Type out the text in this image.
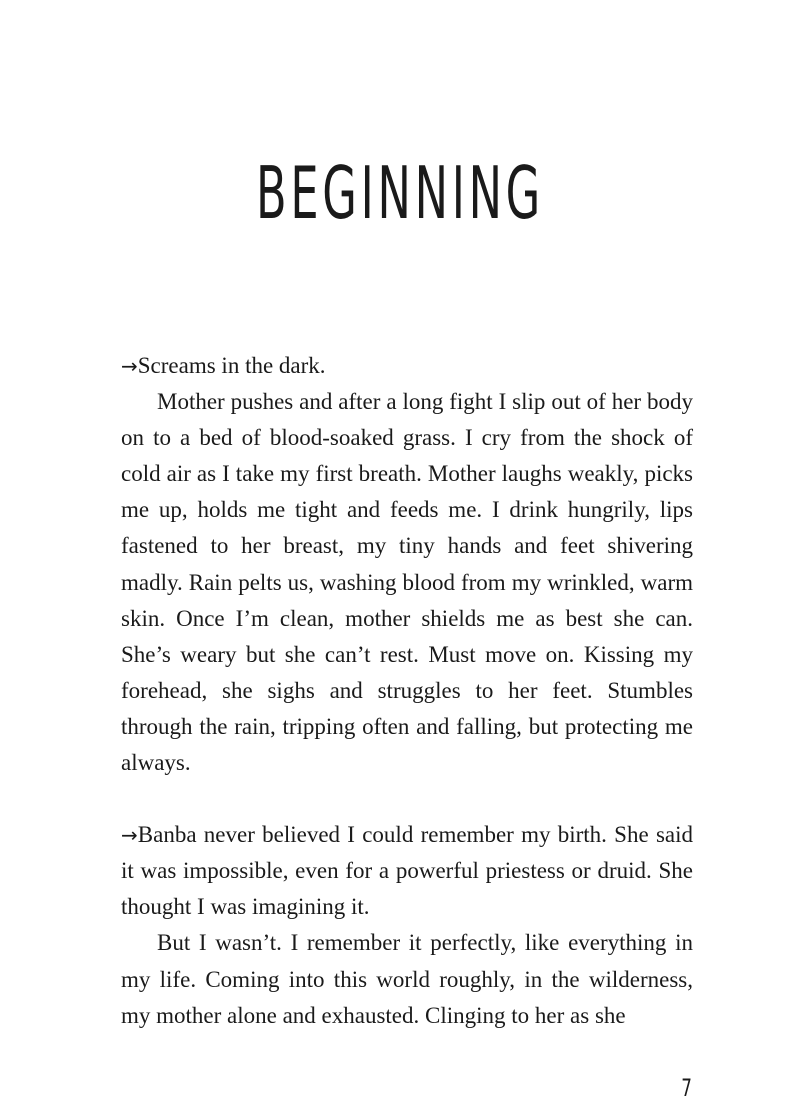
BEGINNING

→Screams in the dark.

Mother pushes and after a long fight I slip out of her body on to a bed of blood-soaked grass. I cry from the shock of cold air as I take my first breath. Mother laughs weakly, picks me up, holds me tight and feeds me. I drink hungrily, lips fastened to her breast, my tiny hands and feet shivering madly. Rain pelts us, washing blood from my wrinkled, warm skin. Once I’m clean, mother shields me as best she can. She’s weary but she can’t rest. Must move on. Kissing my forehead, she sighs and struggles to her feet. Stumbles through the rain, tripping often and falling, but protecting me always.

→Banba never believed I could remember my birth. She said it was impossible, even for a powerful priestess or druid. She thought I was imagining it.

But I wasn’t. I remember it perfectly, like everything in my life. Coming into this world roughly, in the wilderness, my mother alone and exhausted. Clinging to her as she

7
